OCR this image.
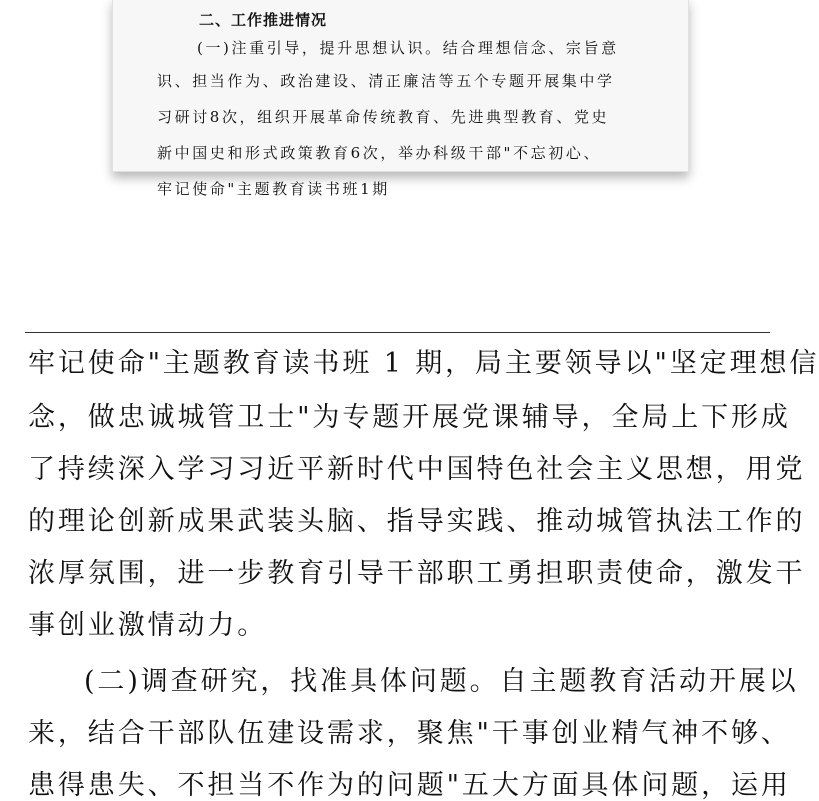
二、工作推进情况
(一)注重引导，提升思想认识。结合理想信念、宗旨意
识、担当作为、政治建设、清正廉洁等五个专题开展集中学
习研讨8次，组织开展革命传统教育、先进典型教育、党史
新中国史和形式政策教育6次，举办科级干部"不忘初心、
牢记使命"主题教育读书班1期
牢记使命"主题教育读书班 1 期，局主要领导以"坚定理想信
念，做忠诚城管卫士"为专题开展党课辅导，全局上下形成
了持续深入学习习近平新时代中国特色社会主义思想，用党
的理论创新成果武装头脑、指导实践、推动城管执法工作的
浓厚氛围，进一步教育引导干部职工勇担职责使命，激发干
事创业激情动力。
(二)调查研究，找准具体问题。自主题教育活动开展以
来，结合干部队伍建设需求，聚焦"干事创业精气神不够、
患得患失、不担当不作为的问题"五大方面具体问题，运用
